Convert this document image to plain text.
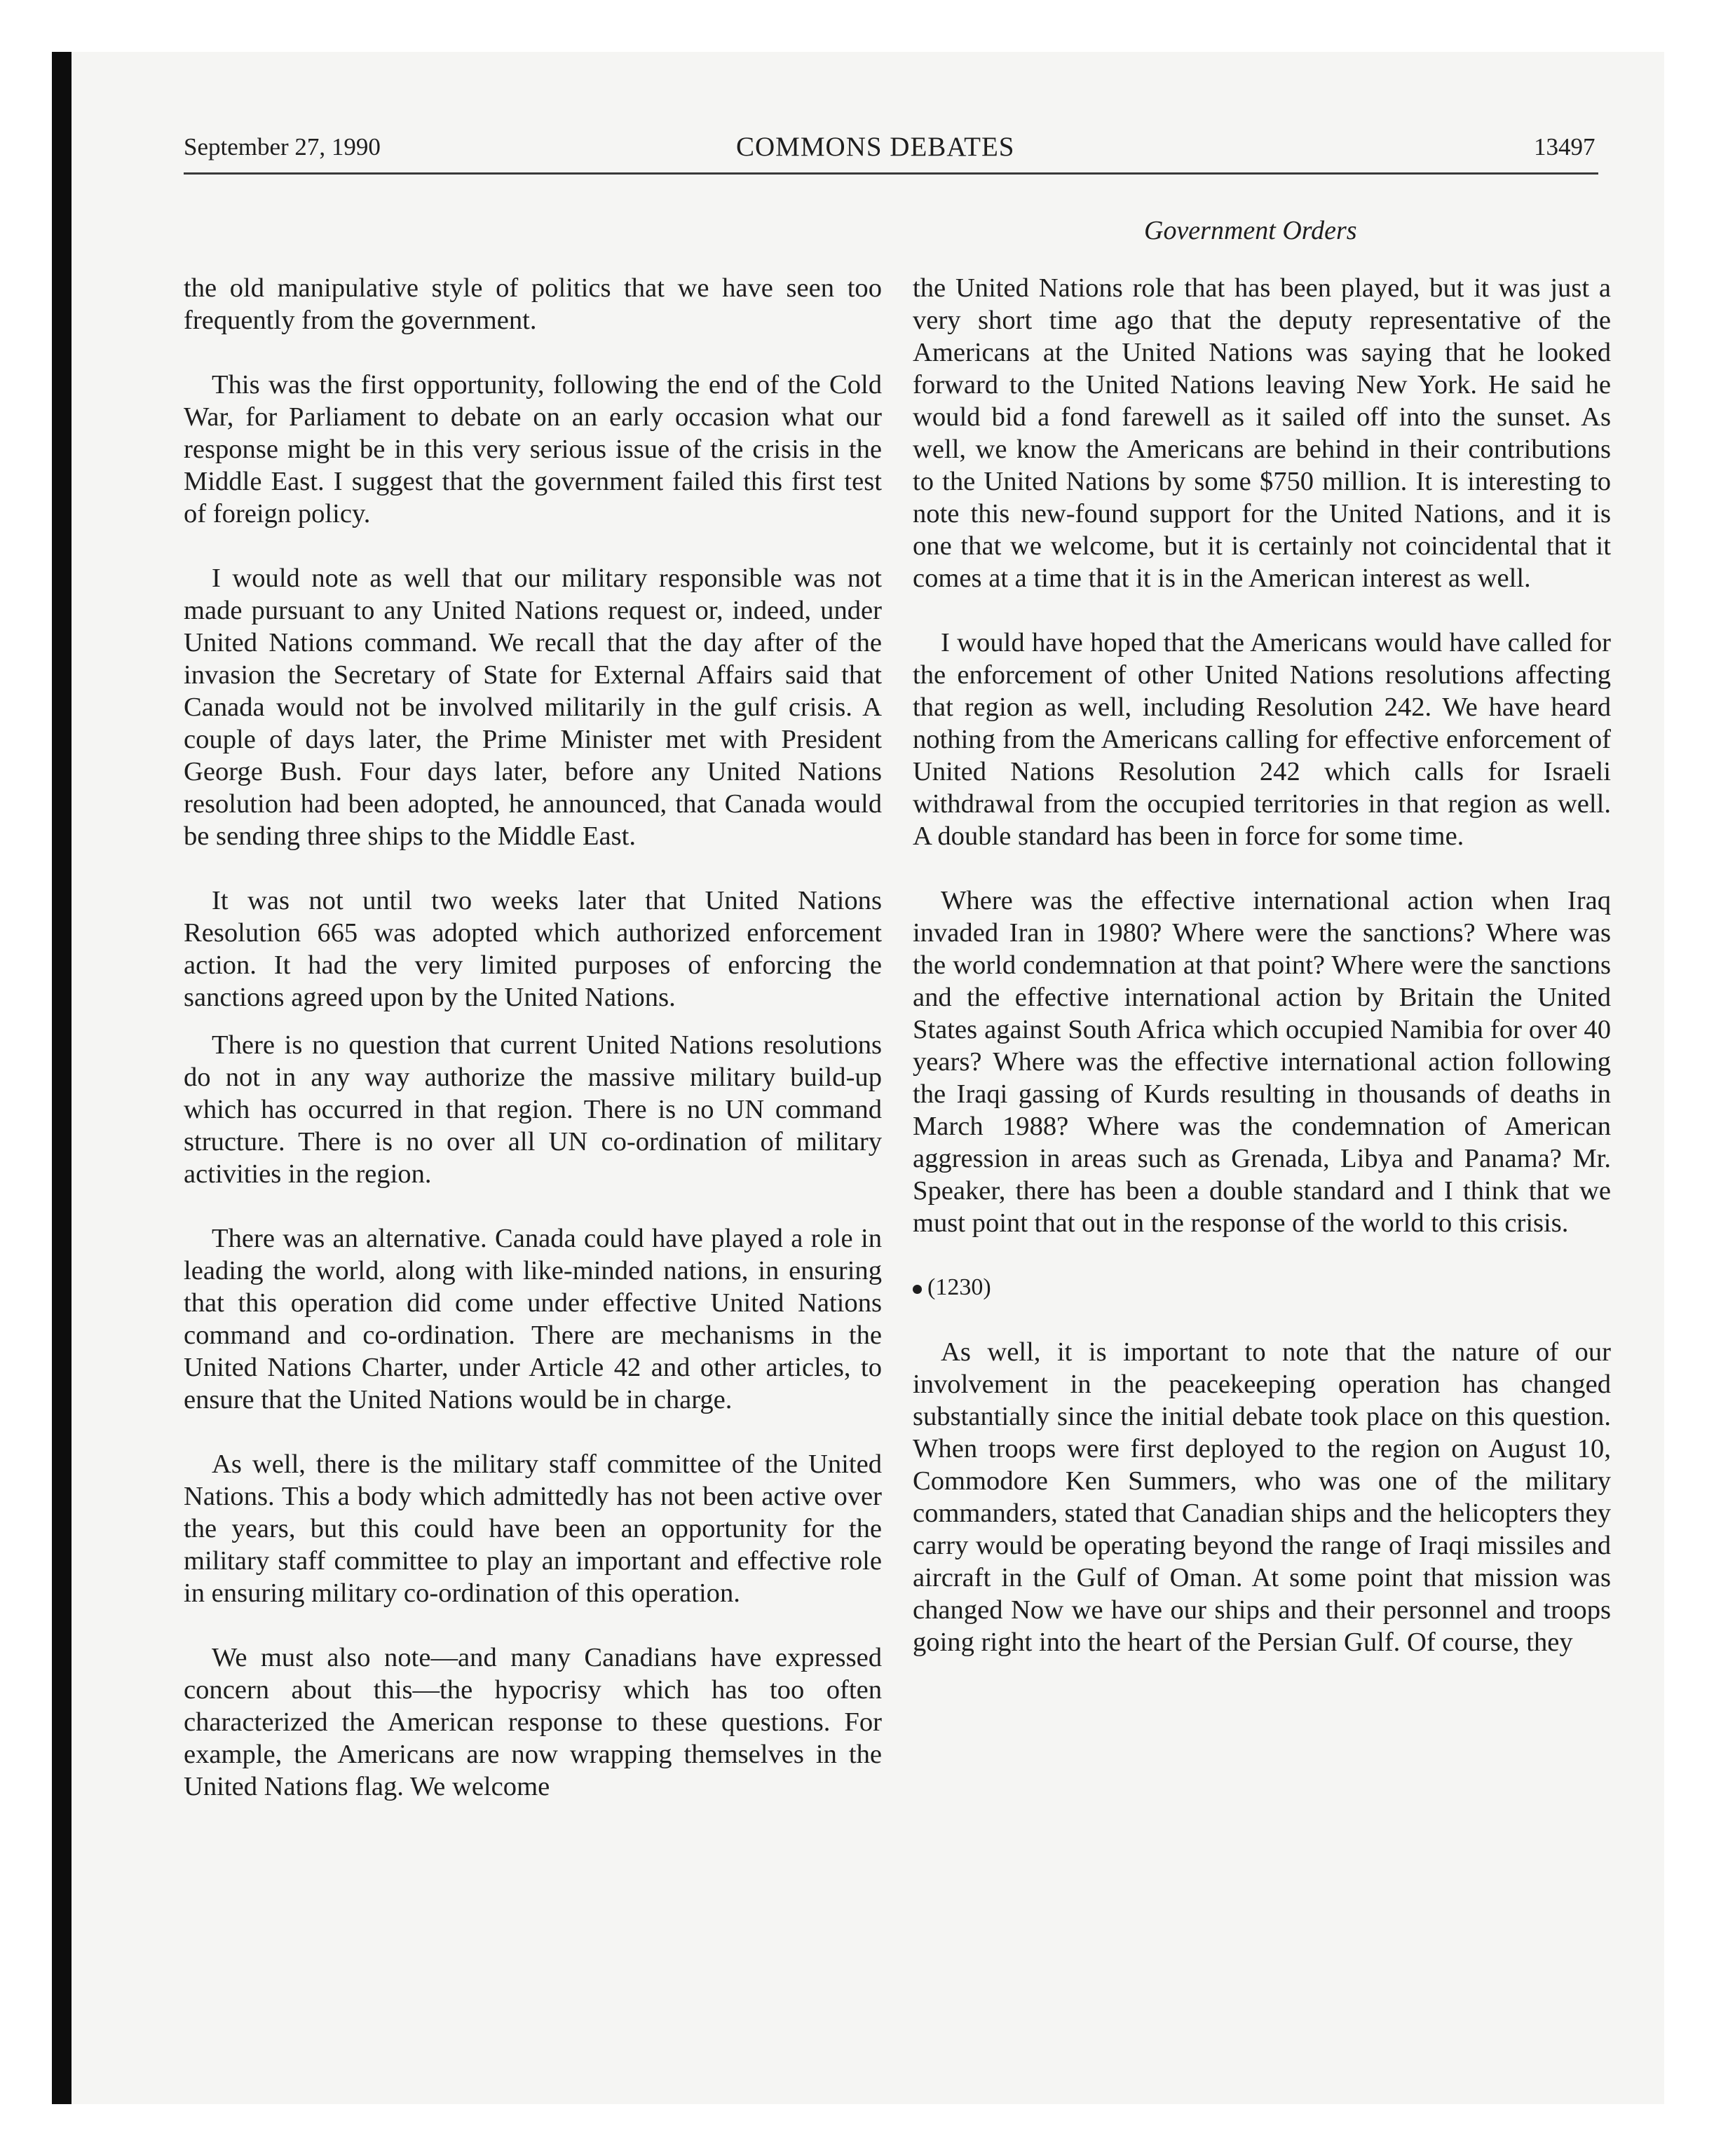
September 27, 1990	COMMONS DEBATES	13497
Government Orders

the old manipulative style of politics that we have seen too frequently from the government.

This was the first opportunity, following the end of the Cold War, for Parliament to debate on an early occasion what our response might be in this very serious issue of the crisis in the Middle East. I suggest that the government failed this first test of foreign policy.

I would note as well that our military responsible was not made pursuant to any United Nations request or, indeed, under United Nations command. We recall that the day after of the invasion the Secretary of State for External Affairs said that Canada would not be involved militarily in the gulf crisis. A couple of days later, the Prime Minister met with President George Bush. Four days later, before any United Nations resolution had been adopted, he announced, that Canada would be sending three ships to the Middle East.

It was not until two weeks later that United Nations Resolution 665 was adopted which authorized enforcement action. It had the very limited purposes of enforcing the sanctions agreed upon by the United Nations.

There is no question that current United Nations resolutions do not in any way authorize the massive military build-up which has occurred in that region. There is no UN command structure. There is no over all UN co-ordination of military activities in the region.

There was an alternative. Canada could have played a role in leading the world, along with like-minded nations, in ensuring that this operation did come under effective United Nations command and co-ordination. There are mechanisms in the United Nations Charter, under Article 42 and other articles, to ensure that the United Nations would be in charge.

As well, there is the military staff committee of the United Nations. This a body which admittedly has not been active over the years, but this could have been an opportunity for the military staff committee to play an important and effective role in ensuring military co-ordination of this operation.

We must also note—and many Canadians have expressed concern about this—the hypocrisy which has too often characterized the American response to these questions. For example, the Americans are now wrapping themselves in the United Nations flag. We welcome

the United Nations role that has been played, but it was just a very short time ago that the deputy representative of the Americans at the United Nations was saying that he looked forward to the United Nations leaving New York. He said he would bid a fond farewell as it sailed off into the sunset. As well, we know the Americans are behind in their contributions to the United Nations by some $750 million. It is interesting to note this new-found support for the United Nations, and it is one that we welcome, but it is certainly not coincidental that it comes at a time that it is in the American interest as well.

I would have hoped that the Americans would have called for the enforcement of other United Nations resolutions affecting that region as well, including Resolution 242. We have heard nothing from the Americans calling for effective enforcement of United Nations Resolution 242 which calls for Israeli withdrawal from the occupied territories in that region as well. A double standard has been in force for some time.

Where was the effective international action when Iraq invaded Iran in 1980? Where were the sanctions? Where was the world condemnation at that point? Where were the sanctions and the effective international action by Britain the United States against South Africa which occupied Namibia for over 40 years? Where was the effective international action following the Iraqi gassing of Kurds resulting in thousands of deaths in March 1988? Where was the condemnation of American aggression in areas such as Grenada, Libya and Panama? Mr. Speaker, there has been a double standard and I think that we must point that out in the response of the world to this crisis.

(1230)

As well, it is important to note that the nature of our involvement in the peacekeeping operation has changed substantially since the initial debate took place on this question. When troops were first deployed to the region on August 10, Commodore Ken Summers, who was one of the military commanders, stated that Canadian ships and the helicopters they carry would be operating beyond the range of Iraqi missiles and aircraft in the Gulf of Oman. At some point that mission was changed Now we have our ships and their personnel and troops going right into the heart of the Persian Gulf. Of course, they
